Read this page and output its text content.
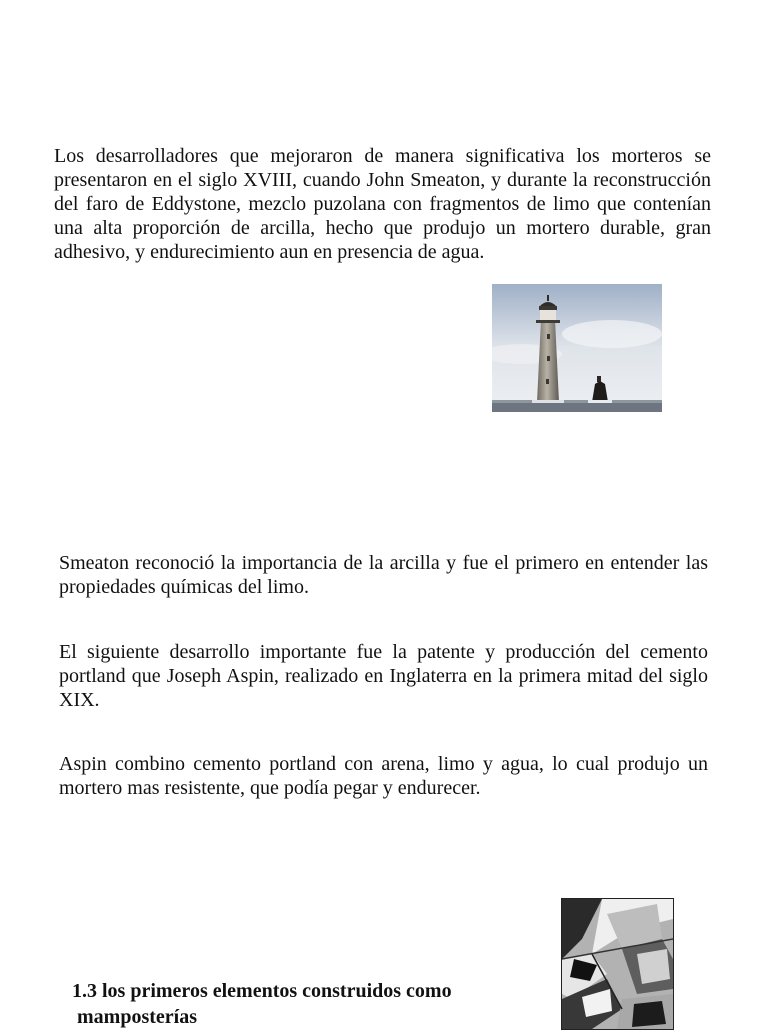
Los desarrolladores que mejoraron de manera significativa los morteros se presentaron en el siglo XVIII, cuando John Smeaton, y durante la reconstrucción del faro de Eddystone, mezclo puzolana con fragmentos de limo que contenían una alta proporción de arcilla, hecho que produjo un mortero durable, gran adhesivo, y endurecimiento aun en presencia de agua.

Smeaton reconoció la importancia de la arcilla y fue el primero en entender las propiedades químicas del limo.

El siguiente desarrollo importante fue la patente y producción del cemento portland que Joseph Aspin, realizado en Inglaterra en la primera mitad del siglo XIX.

Aspin combino cemento portland con arena, limo y agua, lo cual produjo un mortero mas resistente, que podía pegar y endurecer.

1.3 los primeros elementos construidos como
mamposterías
